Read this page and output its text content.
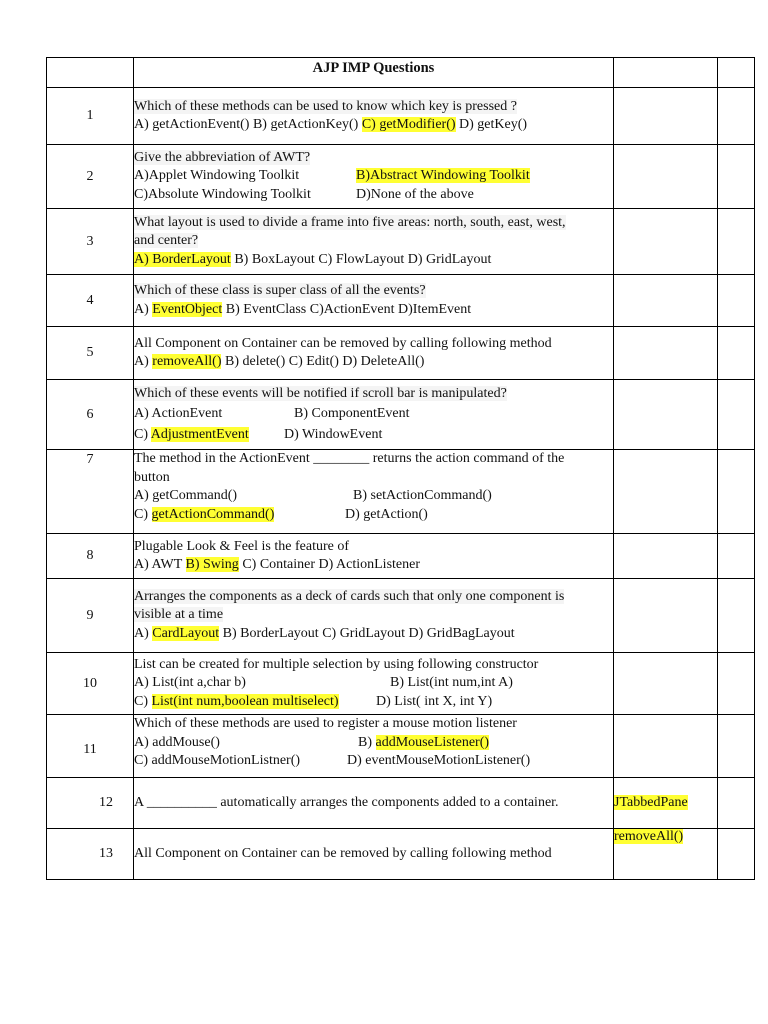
	AJP IMP Questions		
1	Which of these methods can be used to know which key is pressed ?
A) getActionEvent() B) getActionKey() C) getModifier() D) getKey()		

2	Give the abbreviation of AWT?
A)Applet Windowing Toolkit B)Abstract Windowing Toolkit
C)Absolute Windowing Toolkit D)None of the above		

3	What layout is used to divide a frame into five areas: north, south, east, west,
and center?
A) BorderLayout B) BoxLayout C) FlowLayout D) GridLayout		

4	Which of these class is super class of all the events?
A) EventObject B) EventClass C)ActionEvent D)ItemEvent		

5	All Component on Container can be removed by calling following method
A) removeAll() B) delete() C) Edit() D) DeleteAll()		

6	Which of these events will be notified if scroll bar is manipulated?
A) ActionEvent B) ComponentEvent
C) AdjustmentEvent D) WindowEvent		

7	The method in the ActionEvent ________ returns the action command of the
button
A) getCommand() B) setActionCommand()
C) getActionCommand() D) getAction()		

8	Plugable Look & Feel is the feature of
A) AWT B) Swing C) Container D) ActionListener		

9	Arranges the components as a deck of cards such that only one component is
visible at a time
A) CardLayout B) BorderLayout C) GridLayout D) GridBagLayout		

10	List can be created for multiple selection by using following constructor
A) List(int a,char b) B) List(int num,int A)
C) List(int num,boolean multiselect) D) List( int X, int Y)		

11	Which of these methods are used to register a mouse motion listener
A) addMouse() B) addMouseListener()
C) addMouseMotionListner() D) eventMouseMotionListener()		

12	A __________ automatically arranges the components added to a container.	JTabbedPane	
13	All Component on Container can be removed by calling following method	removeAll()	
